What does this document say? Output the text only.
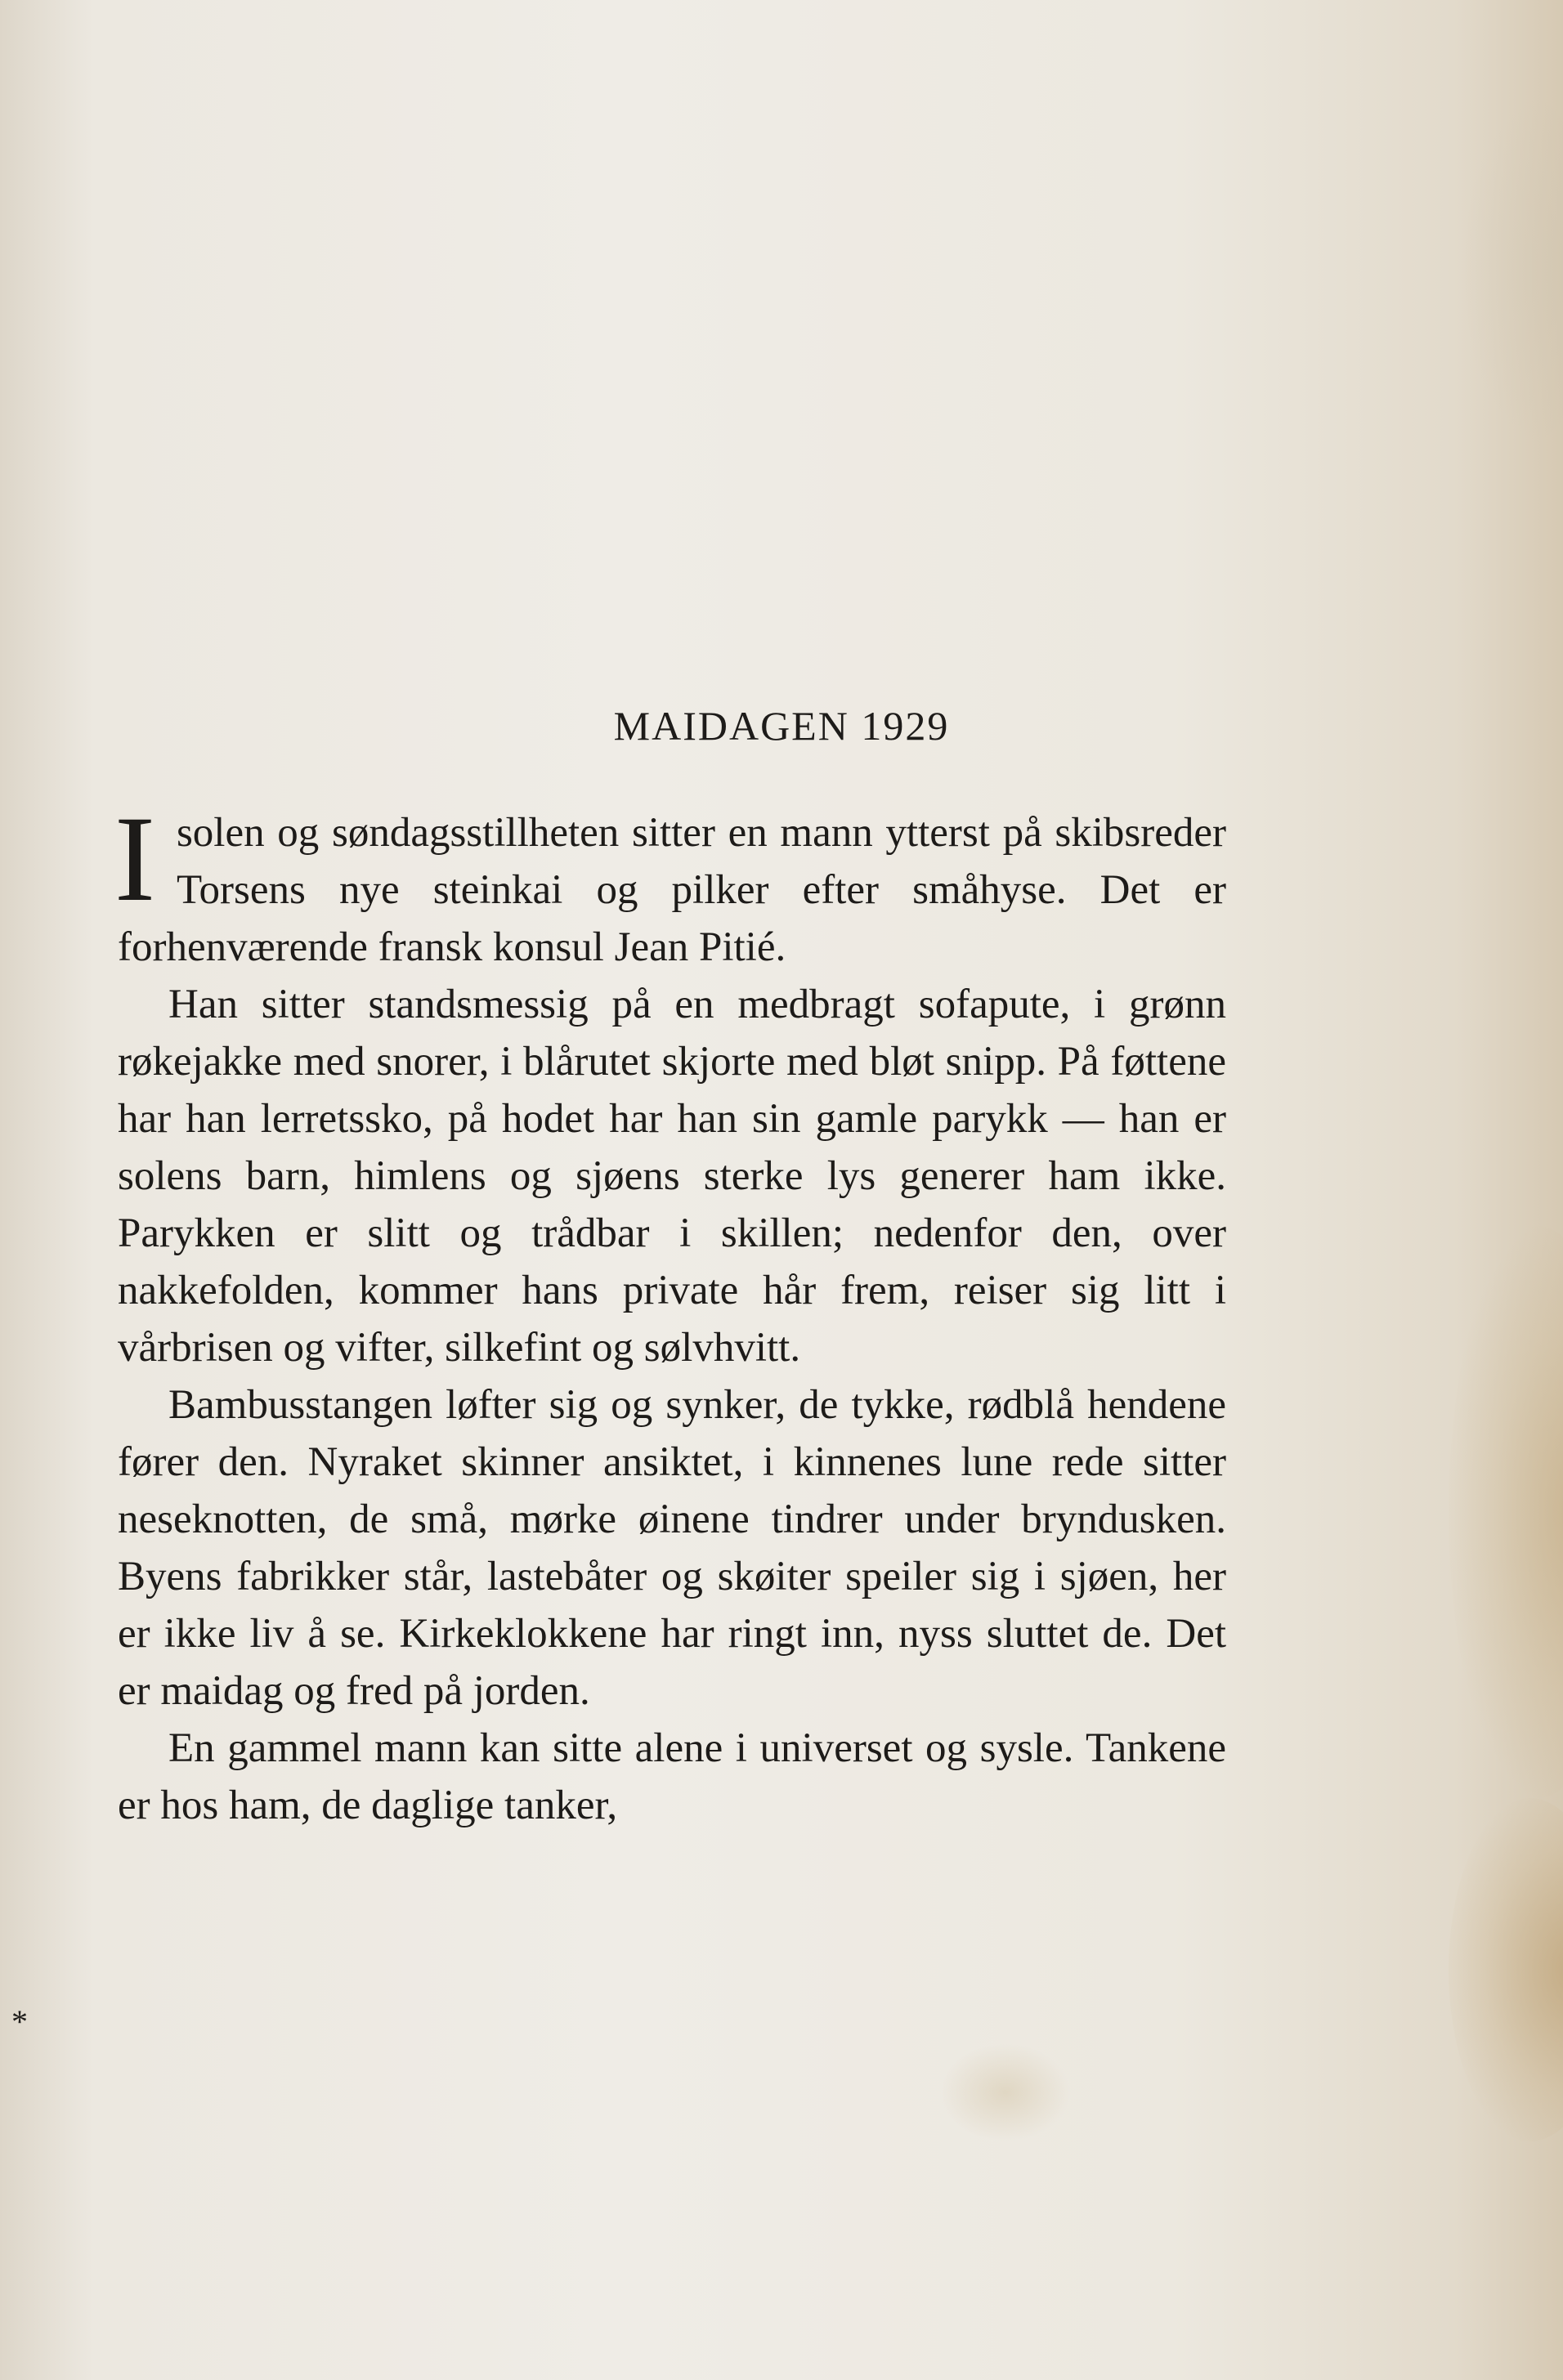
MAIDAGEN 1929

I solen og søndagsstillheten sitter en mann ytterst på skibsreder Torsens nye steinkai og pilker efter småhyse. Det er forhenværende fransk konsul Jean Pitié.

Han sitter standsmessig på en medbragt sofapute, i grønn røkejakke med snorer, i blårutet skjorte med bløt snipp. På føttene har han lerretssko, på hodet har han sin gamle parykk — han er solens barn, himlens og sjøens sterke lys generer ham ikke. Parykken er slitt og trådbar i skillen; nedenfor den, over nakkefolden, kommer hans private hår frem, reiser sig litt i vårbrisen og vifter, silkefint og sølvhvitt.

Bambusstangen løfter sig og synker, de tykke, rødblå hendene fører den. Nyraket skinner ansiktet, i kinnenes lune rede sitter neseknotten, de små, mørke øinene tindrer under bryndusken. Byens fabrikker står, lastebåter og skøiter speiler sig i sjøen, her er ikke liv å se. Kirkeklokkene har ringt inn, nyss sluttet de. Det er maidag og fred på jorden.

En gammel mann kan sitte alene i universet og sysle. Tankene er hos ham, de daglige tanker,

*
